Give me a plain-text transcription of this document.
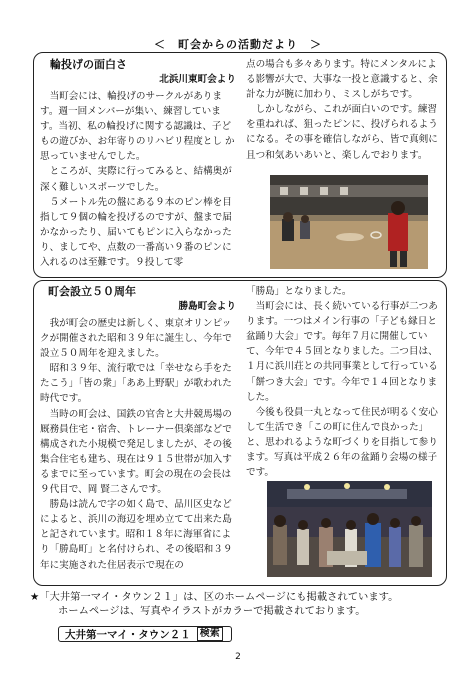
＜　町会からの活動だより　＞
輪投げの面白さ
北浜川東町会より

当町会には、輪投げのサークルがあります。週一回メンバーが集い、練習しています。当初、私の輪投げに関する認識は、子どもの遊びか、お年寄りのリハビリ程度とし か思っていませんでした。

ところが、実際に行ってみると、結構奥が深く難しいスポーツでした。

５メートル先の盤にある９本のピン棒を目指して９個の輪を投げるのですが、盤まで届かなかったり、届いてもピンに入らなかったり、ましてや、点数の一番高い９番のピンに入れるのは至難です。９投して零

点の場合も多々あります。特にメンタルによる影響が大で、大事な一投と意識すると、余計な力が腕に加わり、ミスしがちです。

しかしながら、これが面白いのです。練習を重ねれば、狙ったピンに、投げられるようになる。その事を確信しながら、皆で真剣に且つ和気あいあいと、楽しんでおります。

町会設立５０周年
勝島町会より

我が町会の歴史は新しく、東京オリンピックが開催された昭和３９年に誕生し、今年で設立５０周年を迎えました。

昭和３９年、流行歌では「幸せなら手をたたこう」「皆の衆」「ああ上野駅」が歌われた時代です。

当時の町会は、国鉄の官舎と大井競馬場の厩務員住宅・宿舎、トレーナー倶楽部などで構成された小規模で発足しましたが、その後集合住宅も建ち、現在は９１５世帯が加入するまでに至っています。町会の現在の会長は９代目で、岡 賢二さんです。

勝島は読んで字の如く島で、品川区史などによると、浜川の海辺を埋め立てて出来た島と記されています。昭和１８年に海軍省により「勝島町」と名付けられ、その後昭和３９年に実施された住居表示で現在の

「勝島」となりました。

当町会には、長く続いている行事が二つあります。一つはメイン行事の「子ども縁日と盆踊り大会」です。毎年７月に開催していて、今年で４５回となりました。二つ目は、１月に浜川荘との共同事業として行っている「餅つき大会」です。今年で１４回となりました。

今後も役員一丸となって住民が明るく安心して生活でき「この町に住んで良かった」と、思われるような町づくりを目指して参ります。写真は平成２６年の盆踊り会場の様子です。

★「大井第一マイ・タウン２１」は、区のホームページにも掲載されています。
ホームページは、写真やイラストがカラーで掲載されております。
大井第一マイ・タウン２１ 検索
2
